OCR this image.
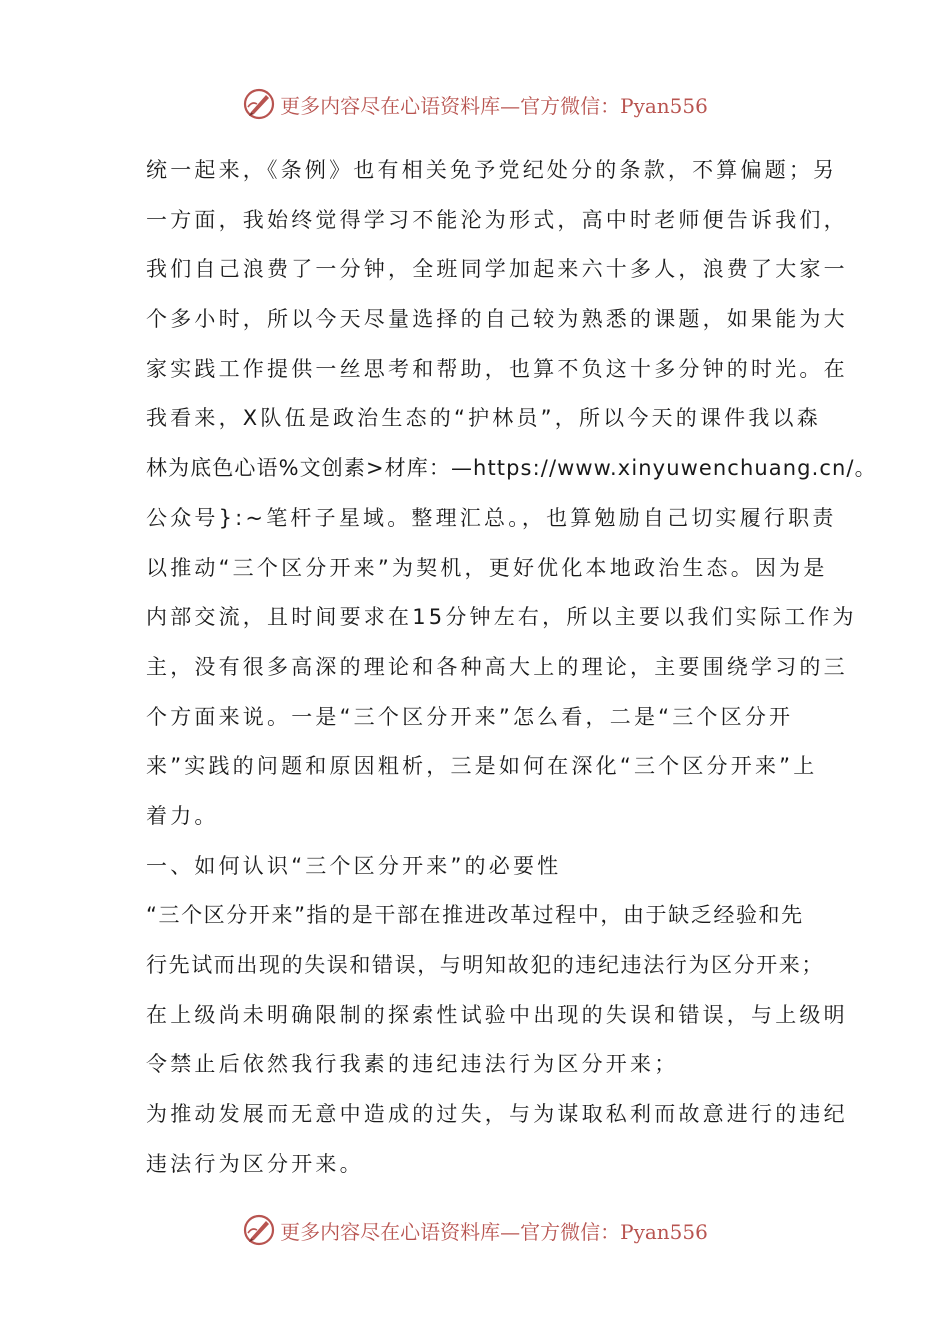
更多内容尽在心语资料库—官方微信：Pyan556
统一起来，《条例》也有相关免予党纪处分的条款，不算偏题；另
一方面，我始终觉得学习不能沦为形式，高中时老师便告诉我们，
我们自己浪费了一分钟，全班同学加起来六十多人，浪费了大家一
个多小时，所以今天尽量选择的自己较为熟悉的课题，如果能为大
家实践工作提供一丝思考和帮助，也算不负这十多分钟的时光。在
我看来，X队伍是政治生态的“护林员”，所以今天的课件我以森
林为底色心语%文创素>材库：—https://www.xinyuwenchuang.cn/。
公众号}:~笔杆子星域。整理汇总。，也算勉励自己切实履行职责
以推动“三个区分开来”为契机，更好优化本地政治生态。因为是
内部交流，且时间要求在15分钟左右，所以主要以我们实际工作为
主，没有很多高深的理论和各种高大上的理论，主要围绕学习的三
个方面来说。一是“三个区分开来”怎么看，二是“三个区分开
来”实践的问题和原因粗析，三是如何在深化“三个区分开来”上
着力。
一、如何认识“三个区分开来”的必要性
“三个区分开来”指的是干部在推进改革过程中，由于缺乏经验和先
行先试而出现的失误和错误，与明知故犯的违纪违法行为区分开来；
在上级尚未明确限制的探索性试验中出现的失误和错误，与上级明
令禁止后依然我行我素的违纪违法行为区分开来；
为推动发展而无意中造成的过失，与为谋取私利而故意进行的违纪
违法行为区分开来。
更多内容尽在心语资料库—官方微信：Pyan556
